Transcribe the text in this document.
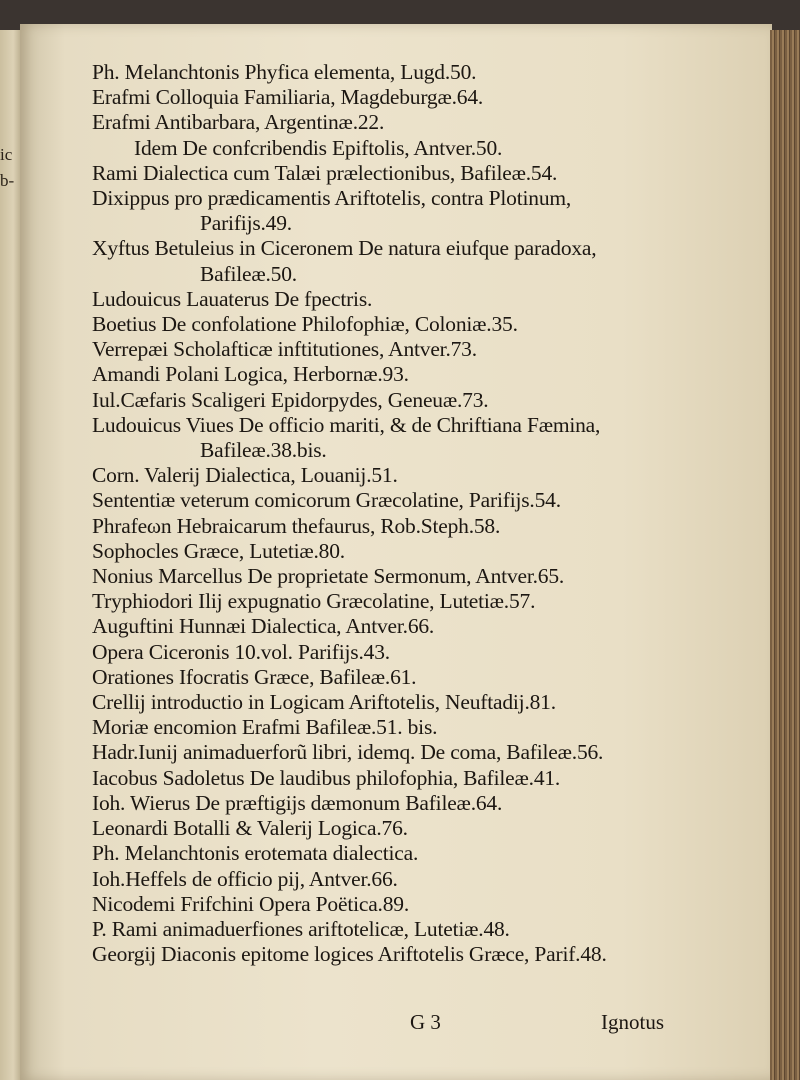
ic
b-
Ph. Melanchtonis Phyfica elementa, Lugd.50.
Erafmi Colloquia Familiaria, Magdeburgæ.64.
Erafmi Antibarbara, Argentinæ.22.
Idem De confcribendis Epiftolis, Antver.50.
Rami Dialectica cum Talæi prælectionibus, Bafileæ.54.
Dixippus pro prædicamentis Ariftotelis, contra Plotinum,
Parifijs.49.
Xyftus Betuleius in Ciceronem De natura eiufque paradoxa,
Bafileæ.50.
Ludouicus Lauaterus De fpectris.
Boetius De confolatione Philofophiæ, Coloniæ.35.
Verrepæi Scholafticæ inftitutiones, Antver.73.
Amandi Polani Logica, Herbornæ.93.
Iul.Cæfaris Scaligeri Epidorpydes, Geneuæ.73.
Ludouicus Viues De officio mariti, & de Chriftiana Fæmina,
Bafileæ.38.bis.
Corn. Valerij Dialectica, Louanij.51.
Sententiæ veterum comicorum Græcolatine, Parifijs.54.
Phrafeωn Hebraicarum thefaurus, Rob.Steph.58.
Sophocles Græce, Lutetiæ.80.
Nonius Marcellus De proprietate Sermonum, Antver.65.
Tryphiodori Ilij expugnatio Græcolatine, Lutetiæ.57.
Auguftini Hunnæi Dialectica, Antver.66.
Opera Ciceronis 10.vol. Parifijs.43.
Orationes Ifocratis Græce, Bafileæ.61.
Crellij introductio in Logicam Ariftotelis, Neuftadij.81.
Moriæ encomion Erafmi Bafileæ.51. bis.
Hadr.Iunij animaduerforũ libri, idemq. De coma, Bafileæ.56.
Iacobus Sadoletus De laudibus philofophia, Bafileæ.41.
Ioh. Wierus De præftigijs dæmonum Bafileæ.64.
Leonardi Botalli & Valerij Logica.76.
Ph. Melanchtonis erotemata dialectica.
Ioh.Heffels de officio pij, Antver.66.
Nicodemi Frifchini Opera Poëtica.89.
P. Rami animaduerfiones ariftotelicæ, Lutetiæ.48.
Georgij Diaconis epitome logices Ariftotelis Græce, Parif.48.
G 3	Ignotus
